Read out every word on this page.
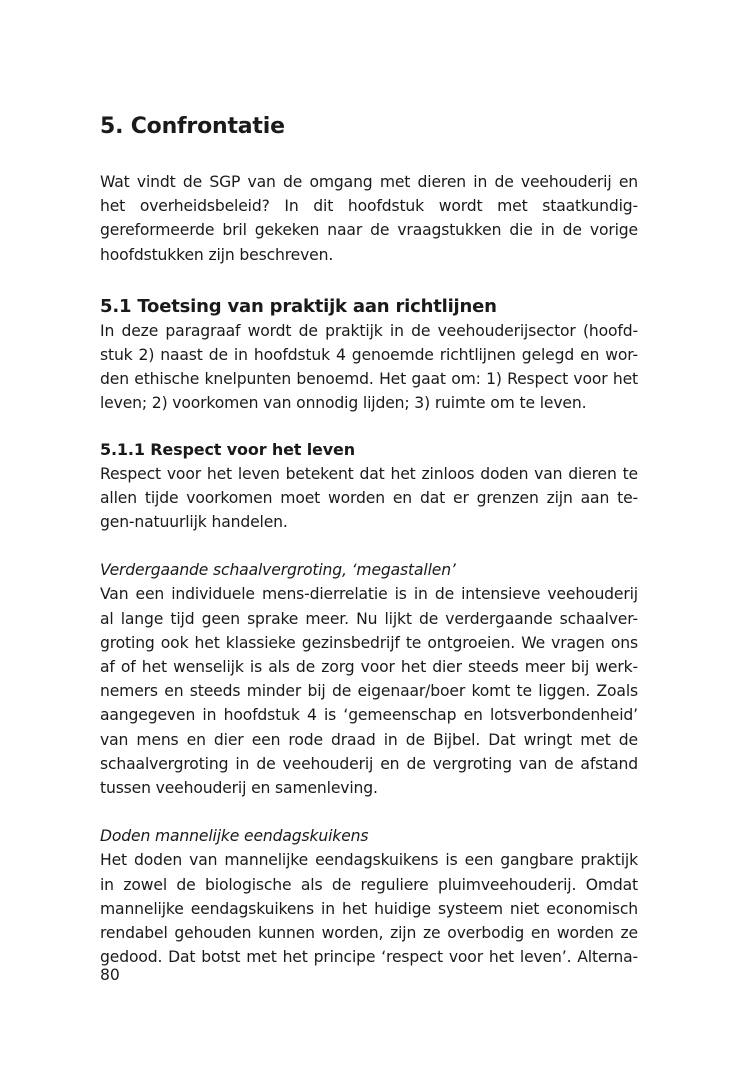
5. Confrontatie

Wat vindt de SGP van de omgang met dieren in de veehouderij en
het overheidsbeleid? In dit hoofdstuk wordt met staatkundig-
gereformeerde bril gekeken naar de vraagstukken die in de vorige
hoofdstukken zijn beschreven.

5.1 Toetsing van praktijk aan richtlijnen

In deze paragraaf wordt de praktijk in de veehouderijsector (hoofd-
stuk 2) naast de in hoofdstuk 4 genoemde richtlijnen gelegd en wor-
den ethische knelpunten benoemd. Het gaat om: 1) Respect voor het
leven; 2) voorkomen van onnodig lijden; 3) ruimte om te leven.

5.1.1 Respect voor het leven

Respect voor het leven betekent dat het zinloos doden van dieren te
allen tijde voorkomen moet worden en dat er grenzen zijn aan te-
gen-natuurlijk handelen.

Verdergaande schaalvergroting, ‘megastallen’

Van een individuele mens-dierrelatie is in de intensieve veehouderij
al lange tijd geen sprake meer. Nu lijkt de verdergaande schaalver-
groting ook het klassieke gezinsbedrijf te ontgroeien. We vragen ons
af of het wenselijk is als de zorg voor het dier steeds meer bij werk-
nemers en steeds minder bij de eigenaar/boer komt te liggen. Zoals
aangegeven in hoofdstuk 4 is ‘gemeenschap en lotsverbondenheid’
van mens en dier een rode draad in de Bijbel. Dat wringt met de
schaalvergroting in de veehouderij en de vergroting van de afstand
tussen veehouderij en samenleving.

Doden mannelijke eendagskuikens

Het doden van mannelijke eendagskuikens is een gangbare praktijk
in zowel de biologische als de reguliere pluimveehouderij. Omdat
mannelijke eendagskuikens in het huidige systeem niet economisch
rendabel gehouden kunnen worden, zijn ze overbodig en worden ze
gedood. Dat botst met het principe ‘respect voor het leven’. Alterna-

80
